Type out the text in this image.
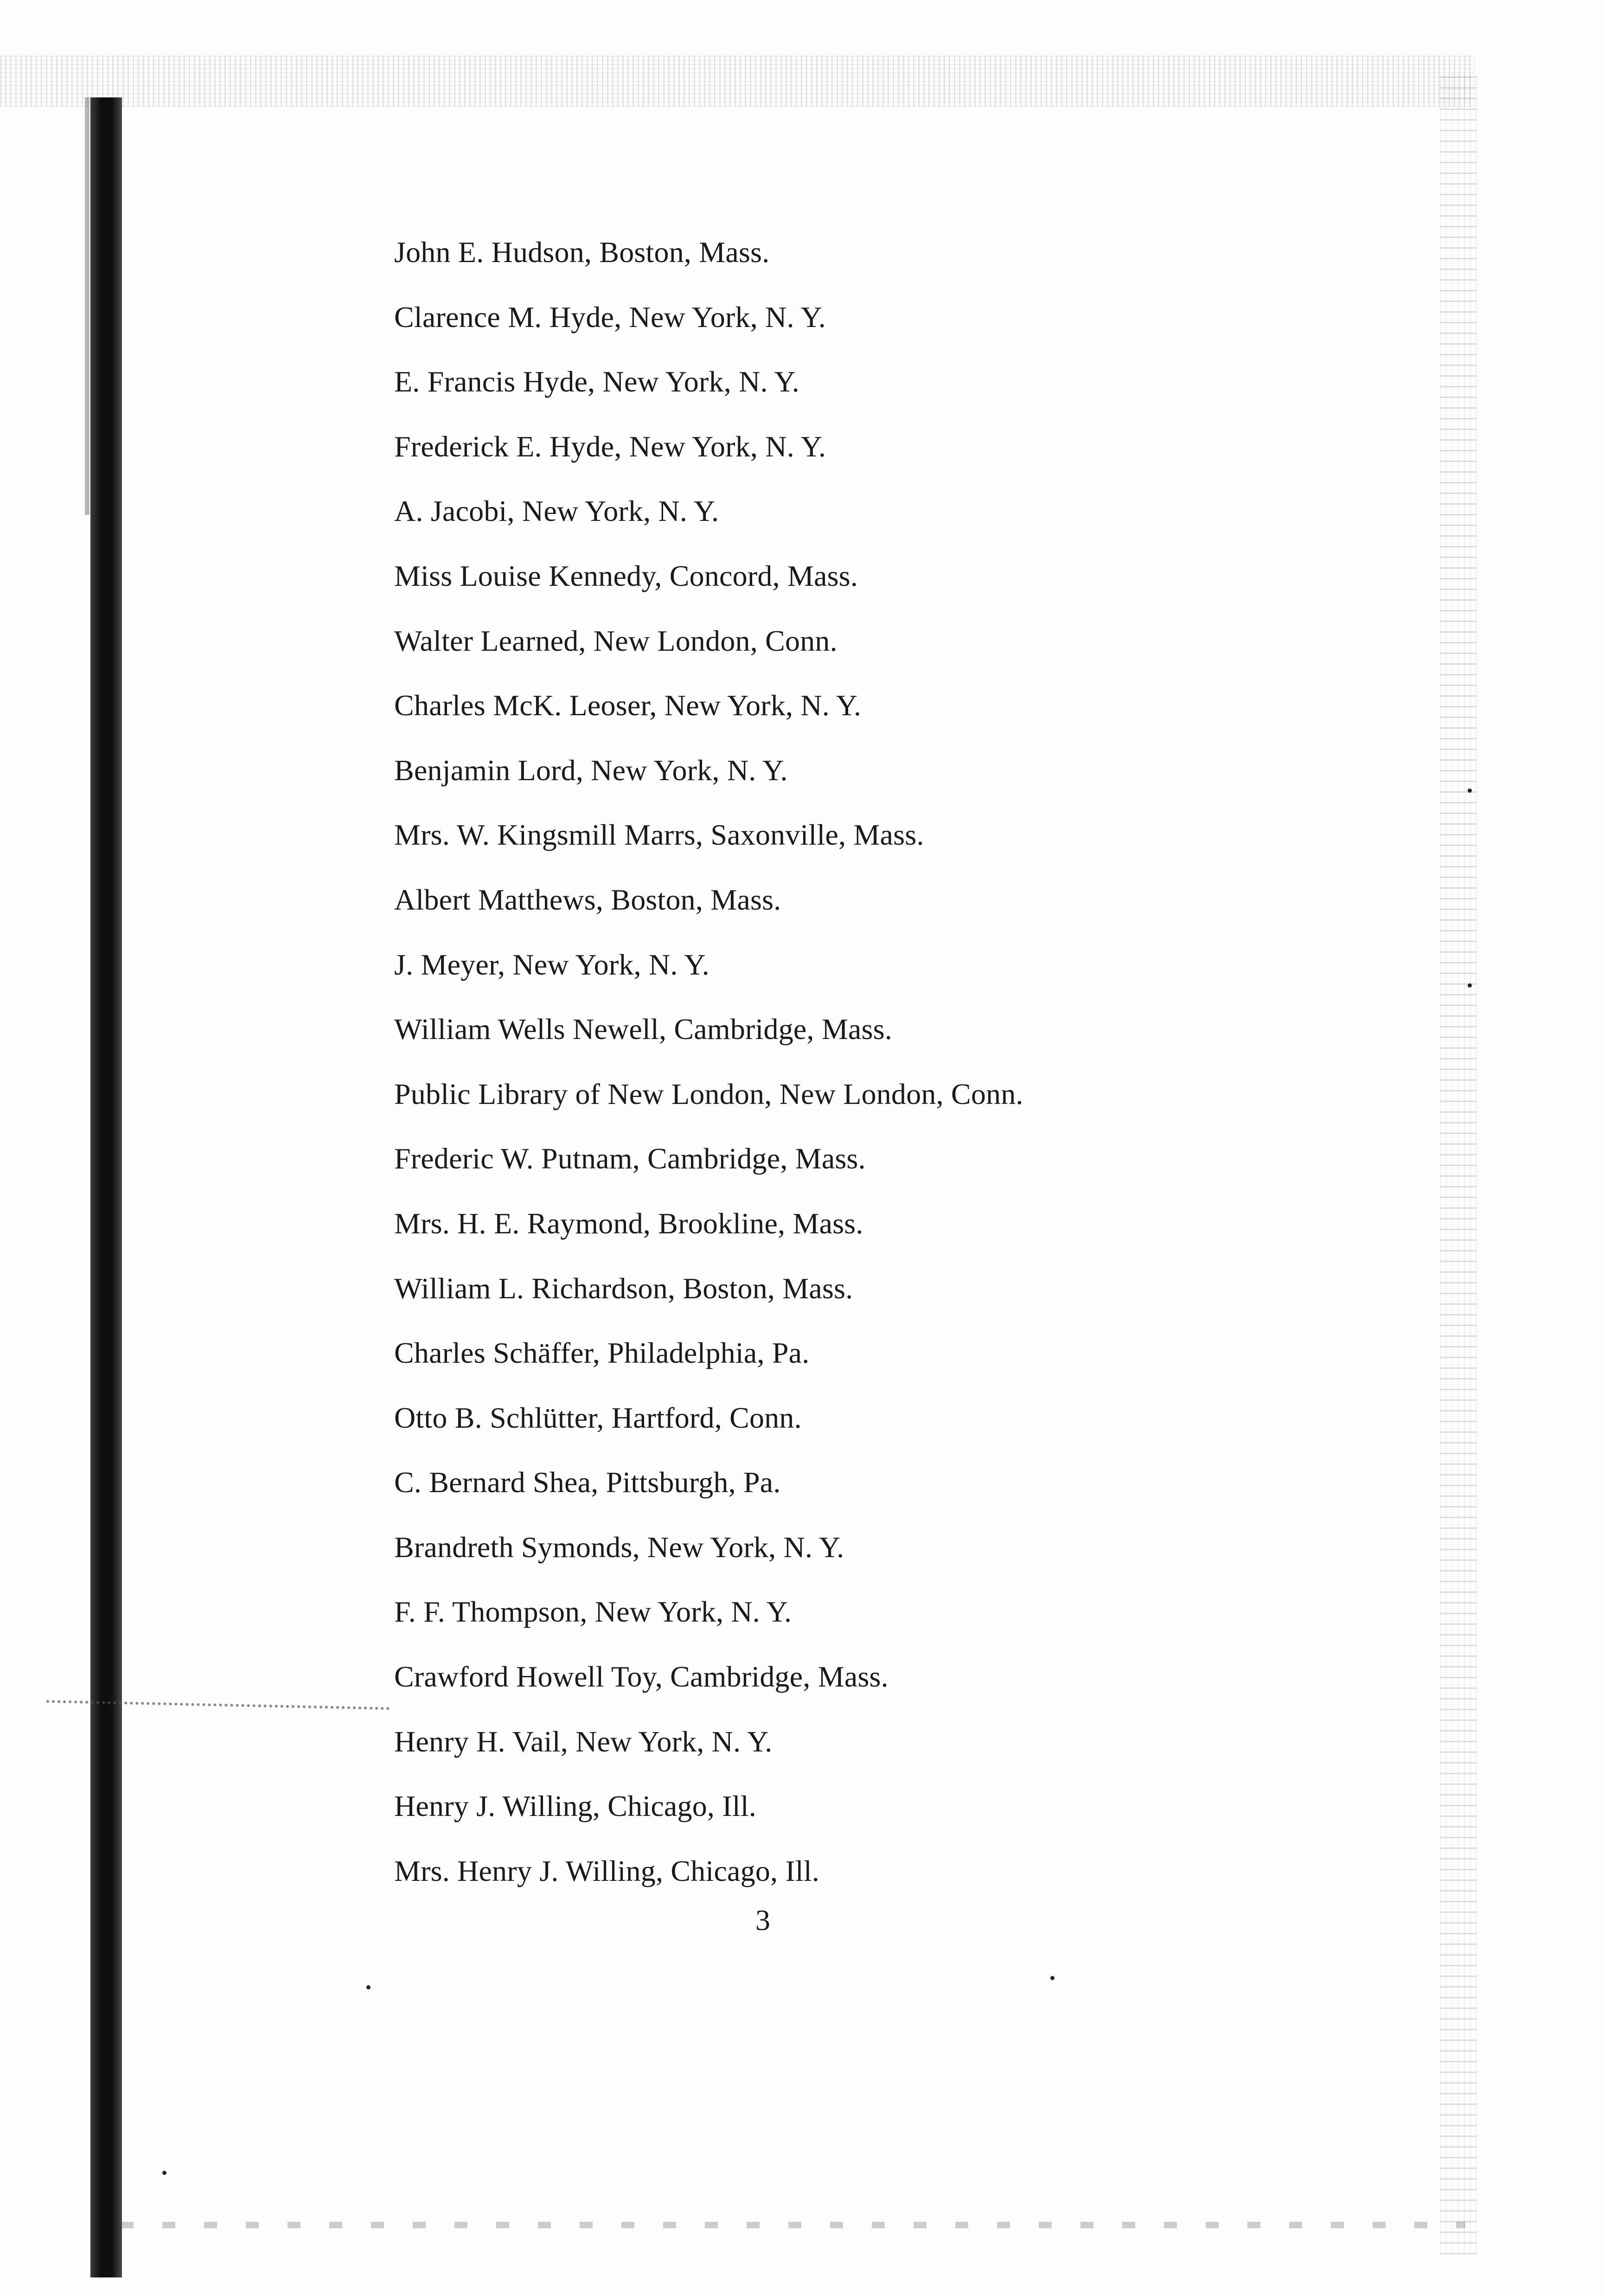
John E. Hudson, Boston, Mass.
Clarence M. Hyde, New York, N. Y.
E. Francis Hyde, New York, N. Y.
Frederick E. Hyde, New York, N. Y.
A. Jacobi, New York, N. Y.
Miss Louise Kennedy, Concord, Mass.
Walter Learned, New London, Conn.
Charles McK. Leoser, New York, N. Y.
Benjamin Lord, New York, N. Y.
Mrs. W. Kingsmill Marrs, Saxonville, Mass.
Albert Matthews, Boston, Mass.
J. Meyer, New York, N. Y.
William Wells Newell, Cambridge, Mass.
Public Library of New London, New London, Conn.
Frederic W. Putnam, Cambridge, Mass.
Mrs. H. E. Raymond, Brookline, Mass.
William L. Richardson, Boston, Mass.
Charles Schäffer, Philadelphia, Pa.
Otto B. Schlütter, Hartford, Conn.
C. Bernard Shea, Pittsburgh, Pa.
Brandreth Symonds, New York, N. Y.
F. F. Thompson, New York, N. Y.
Crawford Howell Toy, Cambridge, Mass.
Henry H. Vail, New York, N. Y.
Henry J. Willing, Chicago, Ill.
Mrs. Henry J. Willing, Chicago, Ill.
3
